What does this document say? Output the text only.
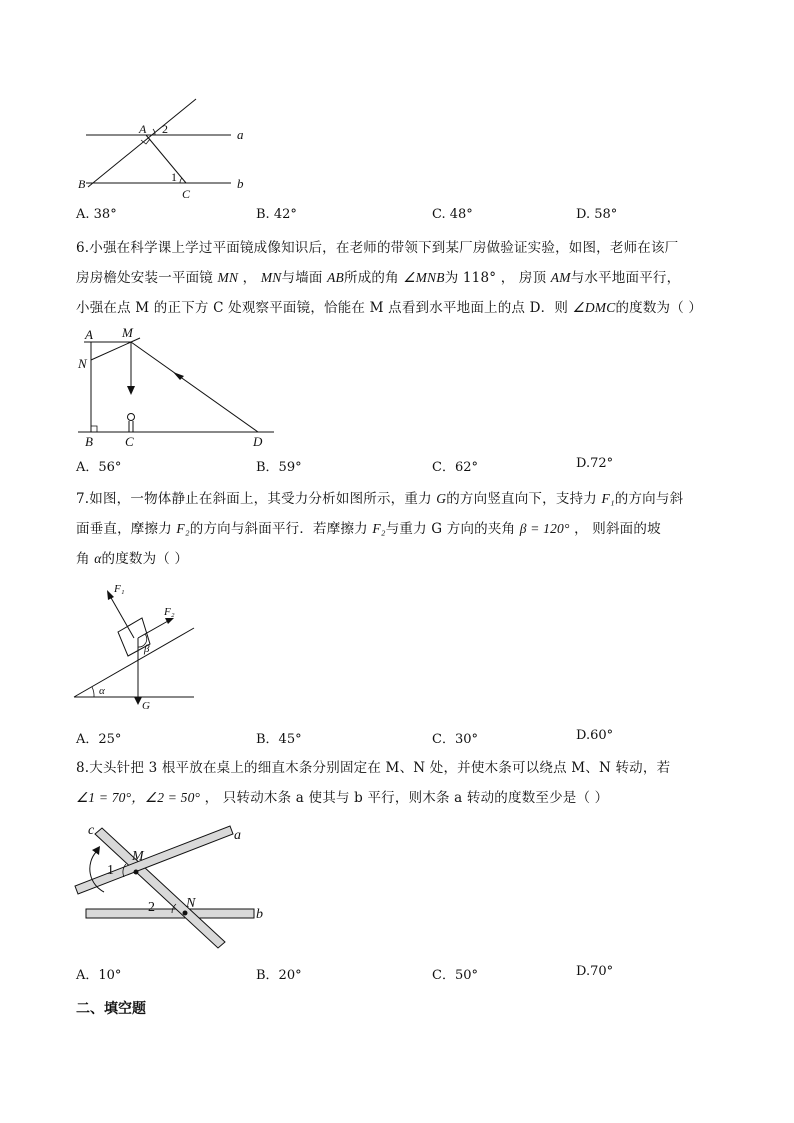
A 2	a
B	1
C
b
A. 38°	B. 42°	C. 48°	D. 58°

6.小强在科学课上学过平面镜成像知识后，在老师的带领下到某厂房做验证实验，如图，老师在该厂

房房檐处安装一平面镜 MN ， MN与墙面 AB所成的角 ∠MNB为 118° ， 房顶 AM与水平地面平行，

小强在点 M 的正下方 C 处观察平面镜，恰能在 M 点看到水平地面上的点 D．则 ∠DMC的度数为（ ）

A M
N
B C	D
A．56°	B．59°	C．62°	D.72°

7.如图，一物体静止在斜面上，其受力分析如图所示，重力 G的方向竖直向下，支持力 F₁的方向与斜

面垂直，摩擦力 F₂的方向与斜面平行．若摩擦力 F₂与重力 G 方向的夹角 β = 120° ， 则斜面的坡

角 α的度数为（ ）

F₁
F₂
β
α
G
A．25°	B．45°	C．30°	D.60°

8.大头针把 3 根平放在桌上的细直木条分别固定在 M、N 处，并使木条可以绕点 M、N 转动，若

∠1 = 70°，∠2 = 50° ， 只转动木条 a 使其与 b 平行，则木条 a 转动的度数至少是（ ）

c
M
a
1
2 N
b
A．10°	B．20°	C．50°	D.70°
二、填空题
